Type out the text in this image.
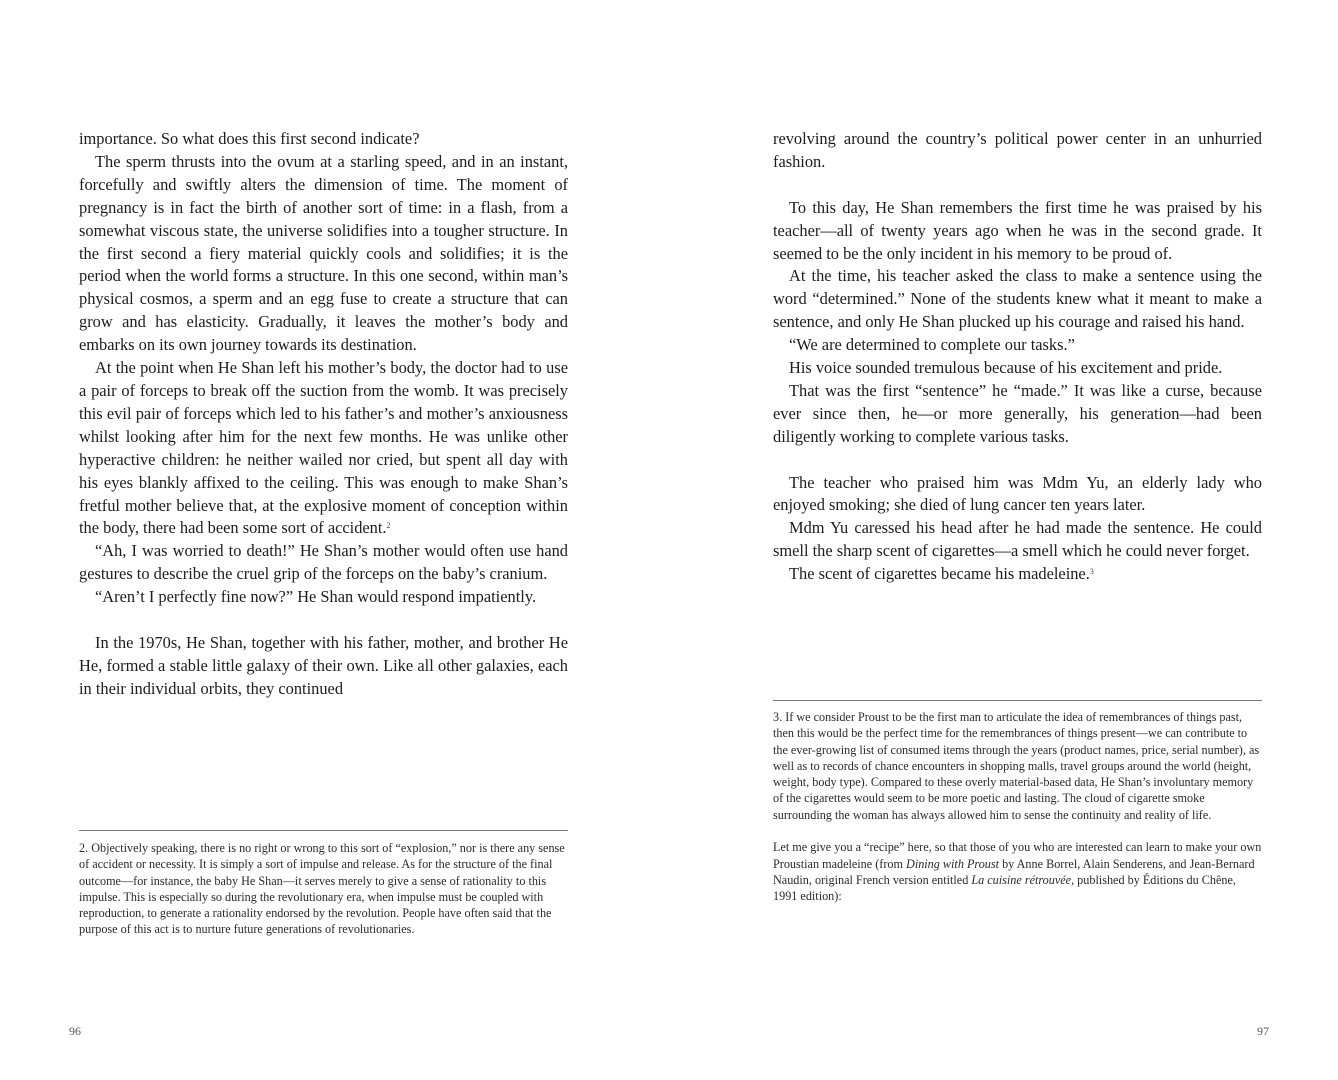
importance. So what does this first second indicate?

The sperm thrusts into the ovum at a starling speed, and in an instant, forcefully and swiftly alters the dimension of time. The moment of pregnancy is in fact the birth of another sort of time: in a flash, from a somewhat viscous state, the universe solidifies into a tougher structure. In the first second a fiery material quickly cools and solidifies; it is the period when the world forms a structure. In this one second, within man’s physical cosmos, a sperm and an egg fuse to create a structure that can grow and has elasticity. Gradually, it leaves the mother’s body and embarks on its own journey towards its destination.

At the point when He Shan left his mother’s body, the doctor had to use a pair of forceps to break off the suction from the womb. It was precisely this evil pair of forceps which led to his father’s and mother’s anxiousness whilst looking after him for the next few months. He was unlike other hyperactive children: he neither wailed nor cried, but spent all day with his eyes blankly affixed to the ceiling. This was enough to make Shan’s fretful mother believe that, at the explosive moment of conception within the body, there had been some sort of accident.$^2$

“Ah, I was worried to death!” He Shan’s mother would often use hand gestures to describe the cruel grip of the forceps on the baby’s cranium.

“Aren’t I perfectly fine now?” He Shan would respond impatiently.

In the 1970s, He Shan, together with his father, mother, and brother He He, formed a stable little galaxy of their own. Like all other galaxies, each in their individual orbits, they continued

2. Objectively speaking, there is no right or wrong to this sort of “explosion,” nor is there any sense of accident or necessity. It is simply a sort of impulse and release. As for the structure of the final outcome—for instance, the baby He Shan—it serves merely to give a sense of rationality to this impulse. This is especially so during the revolutionary era, when impulse must be coupled with reproduction, to generate a rationality endorsed by the revolution. People have often said that the purpose of this act is to nurture future generations of revolutionaries.

96

revolving around the country’s political power center in an unhurried fashion.

To this day, He Shan remembers the first time he was praised by his teacher—all of twenty years ago when he was in the second grade. It seemed to be the only incident in his memory to be proud of.

At the time, his teacher asked the class to make a sentence using the word “determined.” None of the students knew what it meant to make a sentence, and only He Shan plucked up his courage and raised his hand.

“We are determined to complete our tasks.”

His voice sounded tremulous because of his excitement and pride.

That was the first “sentence” he “made.” It was like a curse, because ever since then, he—or more generally, his generation—had been diligently working to complete various tasks.

The teacher who praised him was Mdm Yu, an elderly lady who enjoyed smoking; she died of lung cancer ten years later.

Mdm Yu caressed his head after he had made the sentence. He could smell the sharp scent of cigarettes—a smell which he could never forget.

The scent of cigarettes became his madeleine.$^3$

3. If we consider Proust to be the first man to articulate the idea of remembrances of things past, then this would be the perfect time for the remembrances of things present—we can contribute to the ever-growing list of consumed items through the years (product names, price, serial number), as well as to records of chance encounters in shopping malls, travel groups around the world (height, weight, body type). Compared to these overly material-based data, He Shan’s involuntary memory of the cigarettes would seem to be more poetic and lasting. The cloud of cigarette smoke surrounding the woman has always allowed him to sense the continuity and reality of life.

Let me give you a “recipe” here, so that those of you who are interested can learn to make your own Proustian madeleine (from Dining with Proust by Anne Borrel, Alain Senderens, and Jean-Bernard Naudin, original French version entitled La cuisine rétrouvée, published by Éditions du Chêne, 1991 edition):

97
